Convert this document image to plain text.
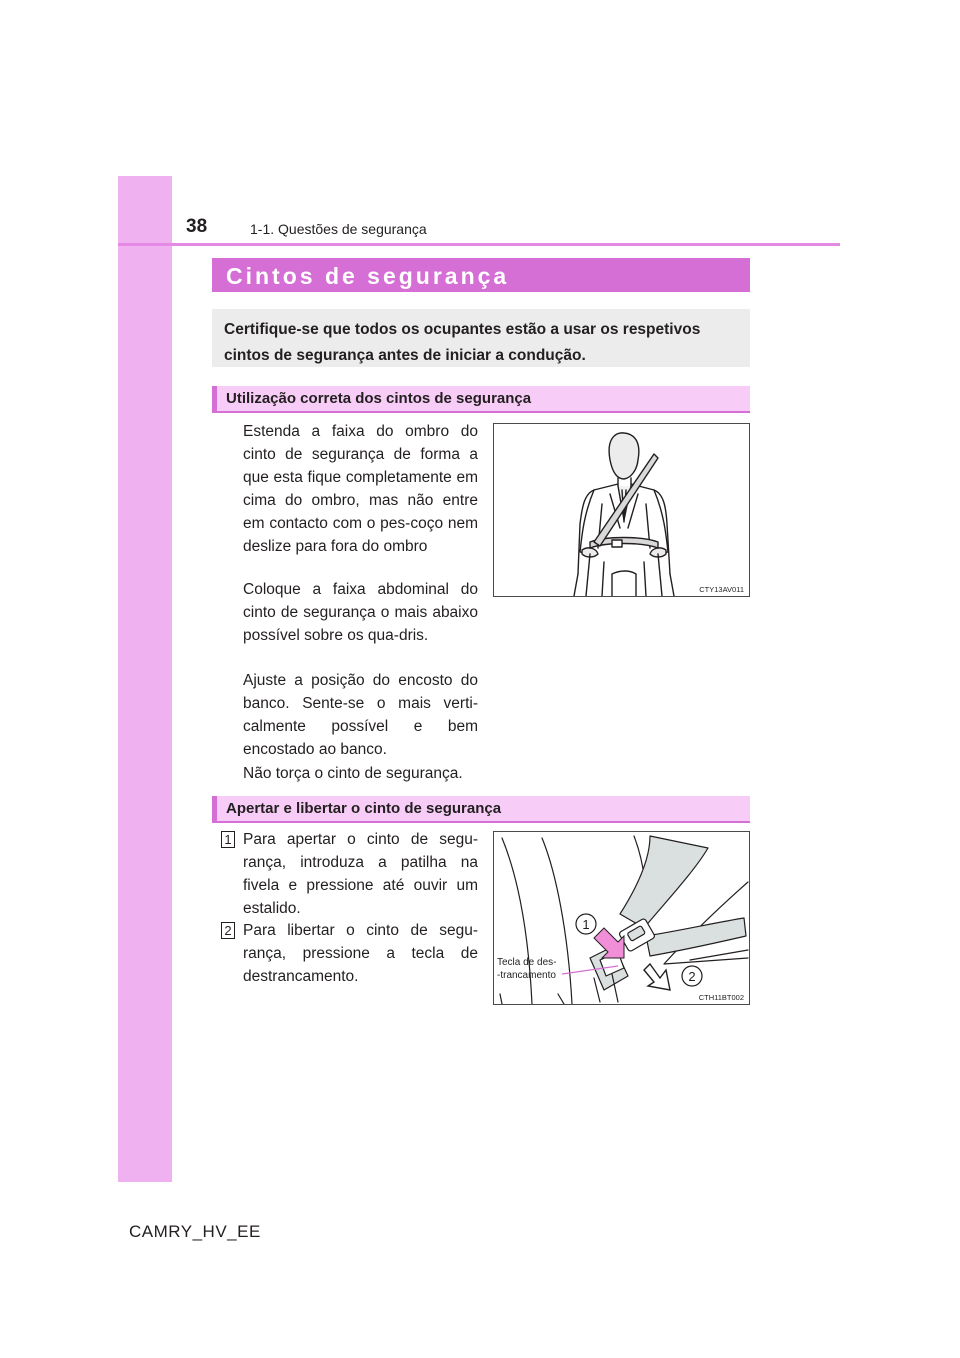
38	1-1. Questões de segurança
Cintos de segurança
Certifique-se que todos os ocupantes estão a usar os respetivos cintos de segurança antes de iniciar a condução.
Utilização correta dos cintos de segurança
Estenda a faixa do ombro do cinto de segurança de forma a que esta fique completamente em cima do ombro, mas não entre em contacto com o pes-coço nem deslize para fora do ombro
Coloque a faixa abdominal do cinto de segurança o mais abaixo possível sobre os qua-dris.
Ajuste a posição do encosto do banco. Sente-se o mais verti-calmente possível e bem encostado ao banco.
Não torça o cinto de segurança.
CTY13AV011
Apertar e libertar o cinto de segurança
1 Para apertar o cinto de segu-rança, introduza a patilha na fivela e pressione até ouvir um estalido.
2 Para libertar o cinto de segu-rança, pressione a tecla de destrancamento.
1
2
Tecla de des-
-trancamento
CTH11BT002
CAMRY_HV_EE
